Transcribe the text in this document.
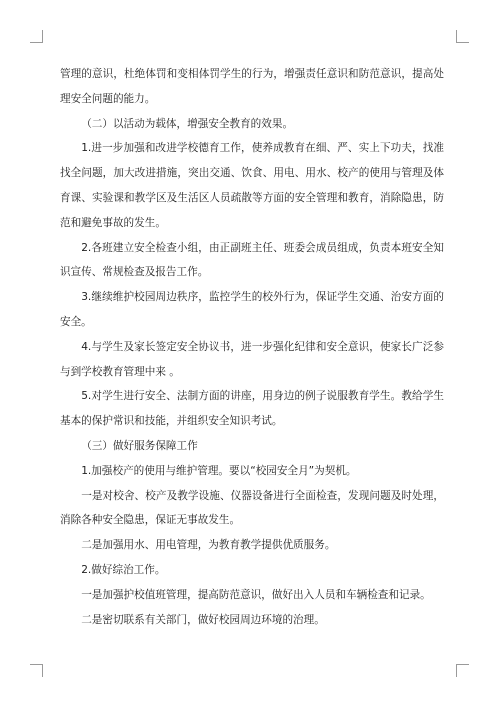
管理的意识，杜绝体罚和变相体罚学生的行为，增强责任意识和防范意识，提高处理安全问题的能力。

（二）以活动为载体，增强安全教育的效果。

1.进一步加强和改进学校德育工作，使养成教育在细、严、实上下功夫，找准找全问题，加大改进措施，突出交通、饮食、用电、用水、校产的使用与管理及体育课、实验课和教学区及生活区人员疏散等方面的安全管理和教育，消除隐患，防范和避免事故的发生。

2.各班建立安全检查小组，由正副班主任、班委会成员组成，负责本班安全知识宣传、常规检查及报告工作。

3.继续维护校园周边秩序，监控学生的校外行为，保证学生交通、治安方面的安全。

4.与学生及家长签定安全协议书，进一步强化纪律和安全意识，使家长广泛参与到学校教育管理中来 。

5.对学生进行安全、法制方面的讲座，用身边的例子说服教育学生。教给学生基本的保护常识和技能，并组织安全知识考试。

（三）做好服务保障工作

1.加强校产的使用与维护管理。要以“校园安全月”为契机。

一是对校舍、校产及教学设施、仪器设备进行全面检查，发现问题及时处理，消除各种安全隐患，保证无事故发生。

二是加强用水、用电管理，为教育教学提供优质服务。

2.做好综治工作。

一是加强护校值班管理，提高防范意识，做好出入人员和车辆检查和记录。

二是密切联系有关部门，做好校园周边环境的治理。
